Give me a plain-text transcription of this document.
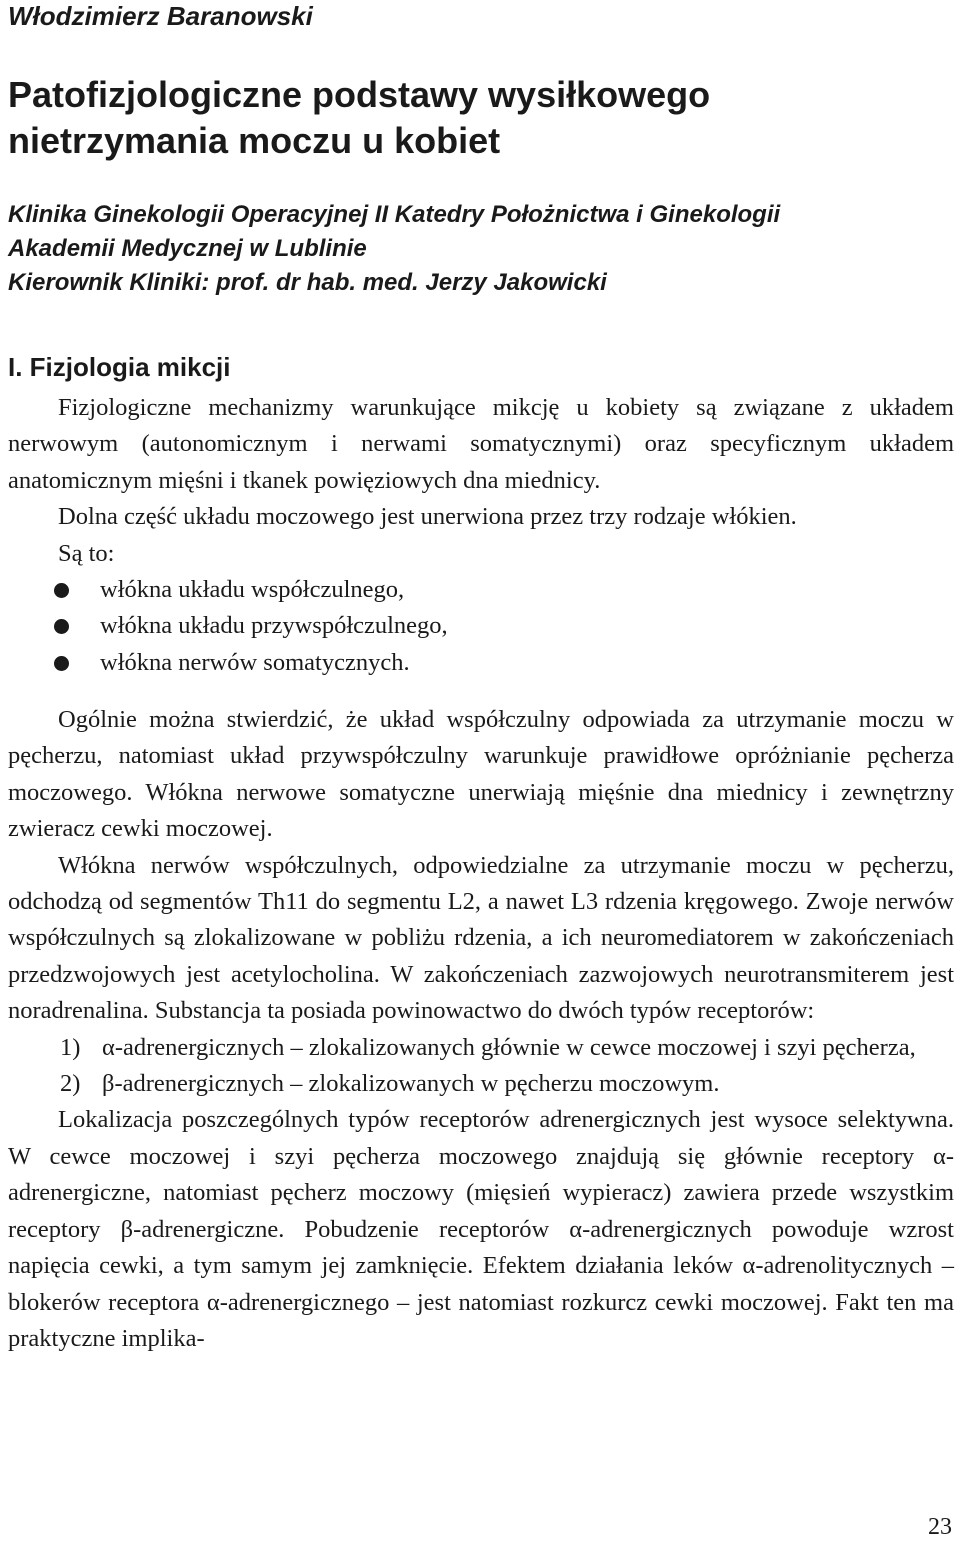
Włodzimierz Baranowski
Patofizjologiczne podstawy wysiłkowego nietrzymania moczu u kobiet
Klinika Ginekologii Operacyjnej II Katedry Położnictwa i Ginekologii
Akademii Medycznej w Lublinie
Kierownik Kliniki: prof. dr hab. med. Jerzy Jakowicki
I. Fizjologia mikcji

Fizjologiczne mechanizmy warunkujące mikcję u kobiety są związane z układem nerwowym (autonomicznym i nerwami somatycznymi) oraz specyficznym układem anatomicznym mięśni i tkanek powięziowych dna miednicy.

Dolna część układu moczowego jest unerwiona przez trzy rodzaje włókien.

Są to:

włókna układu współczulnego,
włókna układu przywspółczulnego,
włókna nerwów somatycznych.

Ogólnie można stwierdzić, że układ współczulny odpowiada za utrzymanie moczu w pęcherzu, natomiast układ przywspółczulny warunkuje prawidłowe opróżnianie pęcherza moczowego. Włókna nerwowe somatyczne unerwiają mięśnie dna miednicy i zewnętrzny zwieracz cewki moczowej.

Włókna nerwów współczulnych, odpowiedzialne za utrzymanie moczu w pęcherzu, odchodzą od segmentów Th11 do segmentu L2, a nawet L3 rdzenia kręgowego. Zwoje nerwów współczulnych są zlokalizowane w pobliżu rdzenia, a ich neuromediatorem w zakończeniach przedzwojowych jest acetylocholina. W zakończeniach zazwojowych neurotransmiterem jest noradrenalina. Substancja ta posiada powinowactwo do dwóch typów receptorów:

1) α-adrenergicznych – zlokalizowanych głównie w cewce moczowej i szyi pęcherza,
2) β-adrenergicznych – zlokalizowanych w pęcherzu moczowym.

Lokalizacja poszczególnych typów receptorów adrenergicznych jest wysoce selektywna. W cewce moczowej i szyi pęcherza moczowego znajdują się głównie receptory α-adrenergiczne, natomiast pęcherz moczowy (mięsień wypieracz) zawiera przede wszystkim receptory β-adrenergiczne. Pobudzenie receptorów α-adrenergicznych powoduje wzrost napięcia cewki, a tym samym jej zamknięcie. Efektem działania leków α-adrenolitycznych – blokerów receptora α-adrenergicznego – jest natomiast rozkurcz cewki moczowej. Fakt ten ma praktyczne implika-

23
